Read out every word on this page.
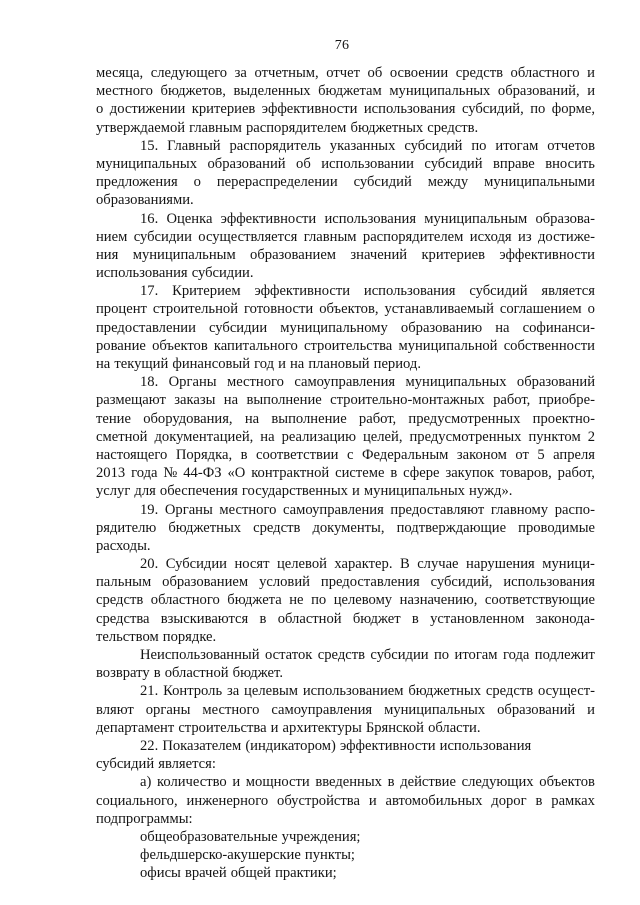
76
месяца, следующего за отчетным, отчет об освоении средств областного и
местного бюджетов, выделенных бюджетам муниципальных образований, и
о достижении критериев эффективности использования субсидий, по форме,
утверждаемой главным распорядителем бюджетных средств.
15. Главный распорядитель указанных субсидий по итогам отчетов
муниципальных образований об использовании субсидий вправе вносить
предложения о перераспределении субсидий между муниципальными
образованиями.
16. Оценка эффективности использования муниципальным образова-
нием субсидии осуществляется главным распорядителем исходя из достиже-
ния муниципальным образованием значений критериев эффективности
использования субсидии.
17. Критерием эффективности использования субсидий является
процент строительной готовности объектов, устанавливаемый соглашением о
предоставлении субсидии муниципальному образованию на софинанси-
рование объектов капитального строительства муниципальной собственности
на текущий финансовый год и на плановый период.
18. Органы местного самоуправления муниципальных образований
размещают заказы на выполнение строительно-монтажных работ, приобре-
тение оборудования, на выполнение работ, предусмотренных проектно-
сметной документацией, на реализацию целей, предусмотренных пунктом 2
настоящего Порядка, в соответствии с Федеральным законом от 5 апреля
2013 года № 44-ФЗ «О контрактной системе в сфере закупок товаров, работ,
услуг для обеспечения государственных и муниципальных нужд».
19. Органы местного самоуправления предоставляют главному распо-
рядителю бюджетных средств документы, подтверждающие проводимые
расходы.
20. Субсидии носят целевой характер. В случае нарушения муници-
пальным образованием условий предоставления субсидий, использования
средств областного бюджета не по целевому назначению, соответствующие
средства взыскиваются в областной бюджет в установленном законода-
тельством порядке.
Неиспользованный остаток средств субсидии по итогам года подлежит
возврату в областной бюджет.
21. Контроль за целевым использованием бюджетных средств осущест-
вляют органы местного самоуправления муниципальных образований и
департамент строительства и архитектуры Брянской области.
22. Показателем (индикатором) эффективности использования
субсидий является:
а) количество и мощности введенных в действие следующих объектов
социального, инженерного обустройства и автомобильных дорог в рамках
подпрограммы:
общеобразовательные учреждения;
фельдшерско-акушерские пункты;
офисы врачей общей практики;
